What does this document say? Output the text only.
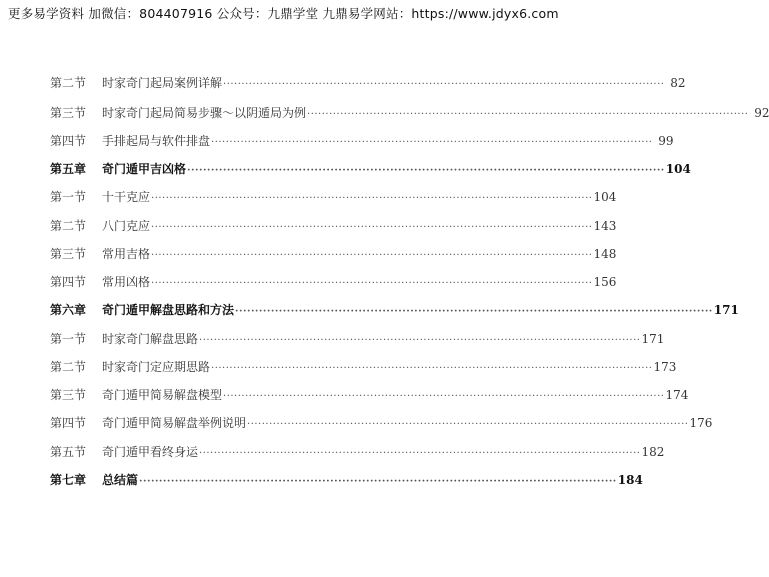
更多易学资料 加微信：804407916 公众号：九鼎学堂 九鼎易学网站：https://www.jdyx6.com
第二节	时家奇门起局案例详解 ························································································································ 82
第三节	时家奇门起局简易步骤～以阴遁局为例 ························································································································ 92
第四节	手排起局与软件排盘 ························································································································ 99
第五章	奇门遁甲吉凶格 ························································································································ 104
第一节	十干克应 ························································································································ 104
第二节	八门克应 ························································································································ 143
第三节	常用吉格 ························································································································ 148
第四节	常用凶格 ························································································································ 156
第六章	奇门遁甲解盘思路和方法 ························································································································ 171
第一节	时家奇门解盘思路 ························································································································ 171
第二节	时家奇门定应期思路 ························································································································ 173
第三节	奇门遁甲简易解盘模型 ························································································································ 174
第四节	奇门遁甲简易解盘举例说明 ························································································································ 176
第五节	奇门遁甲看终身运 ························································································································ 182
第七章	总结篇 ························································································································ 184
